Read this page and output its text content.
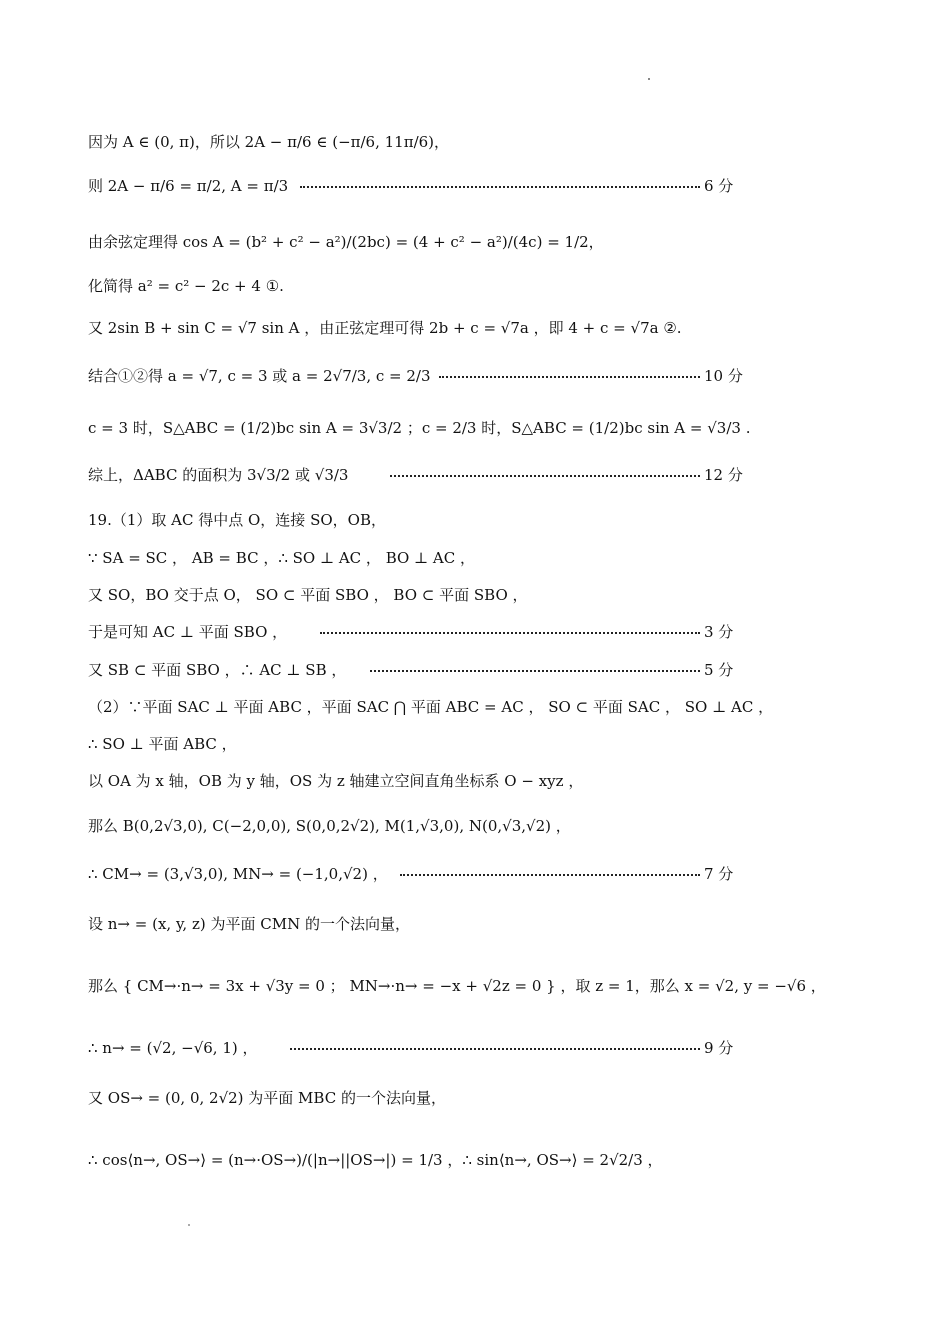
因为 A ∈ (0, π)，所以 2A − π/6 ∈ (−π/6, 11π/6)，
则 2A − π/6 = π/2, A = π/3	6 分
由余弦定理得 cos A = (b² + c² − a²)/(2bc) = (4 + c² − a²)/(4c) = 1/2，
化简得 a² = c² − 2c + 4 ①.
又 2sin B + sin C = √7 sin A ，由正弦定理可得 2b + c = √7a ，即 4 + c = √7a ②.
结合①②得 a = √7, c = 3 或 a = 2√7/3, c = 2/3	10 分
c = 3 时，S△ABC = (1/2)bc sin A = 3√3/2 ；c = 2/3 时，S△ABC = (1/2)bc sin A = √3/3 .
综上，ΔABC 的面积为 3√3/2 或 √3/3	12 分
19.（1）取 AC 得中点 O，连接 SO，OB，
∵ SA = SC ， AB = BC ，∴ SO ⊥ AC ， BO ⊥ AC ，
又 SO，BO 交于点 O， SO ⊂ 平面 SBO ， BO ⊂ 平面 SBO ，
于是可知 AC ⊥ 平面 SBO ，	3 分
又 SB ⊂ 平面 SBO ，∴ AC ⊥ SB ，	5 分
（2）∵平面 SAC ⊥ 平面 ABC ，平面 SAC ⋂ 平面 ABC = AC ， SO ⊂ 平面 SAC ， SO ⊥ AC ，
∴ SO ⊥ 平面 ABC ，
以 OA 为 x 轴，OB 为 y 轴，OS 为 z 轴建立空间直角坐标系 O − xyz ，
那么 B(0,2√3,0), C(−2,0,0), S(0,0,2√2), M(1,√3,0), N(0,√3,√2) ，
∴ CM→ = (3,√3,0), MN→ = (−1,0,√2) ，	7 分
设 n→ = (x, y, z) 为平面 CMN 的一个法向量，
那么 { CM→·n→ = 3x + √3y = 0 ； MN→·n→ = −x + √2z = 0 } ，取 z = 1，那么 x = √2, y = −√6 ，
∴ n→ = (√2, −√6, 1) ，	9 分
又 OS→ = (0, 0, 2√2) 为平面 MBC 的一个法向量，
∴ cos⟨n→, OS→⟩ = (n→·OS→)/(|n→||OS→|) = 1/3 ，∴ sin⟨n→, OS→⟩ = 2√2/3 ，
